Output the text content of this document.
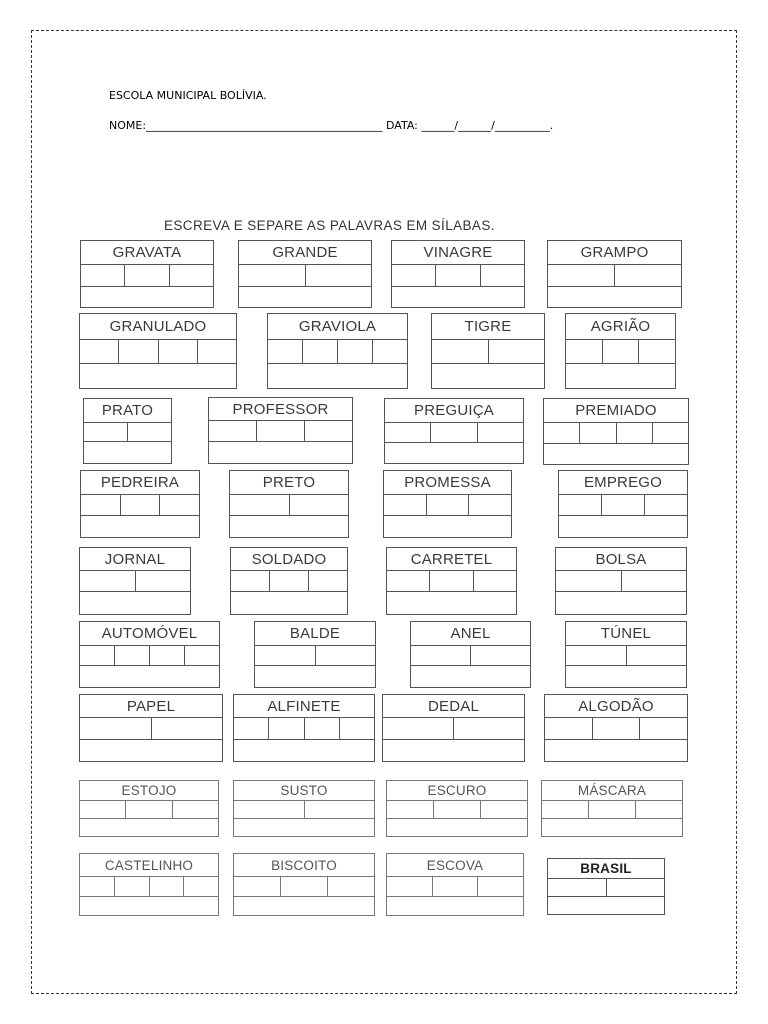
ESCOLA MUNICIPAL BOLÍVIA.
NOME:___________________________________________ DATA: ______/______/__________.
ESCREVA E SEPARE AS PALAVRAS EM SÍLABAS.
GRAVATA	GRANDE	VINAGRE	GRAMPO
GRANULADO	GRAVIOLA	TIGRE	AGRIÃO
PRATO	PROFESSOR	PREGUIÇA	PREMIADO
PEDREIRA	PRETO	PROMESSA	EMPREGO
JORNAL	SOLDADO	CARRETEL	BOLSA
AUTOMÓVEL	BALDE	ANEL	TÚNEL
PAPEL	ALFINETE	DEDAL	ALGODÃO
ESTOJO	SUSTO	ESCURO	MÁSCARA
CASTELINHO	BISCOITO	ESCOVA	BRASIL
